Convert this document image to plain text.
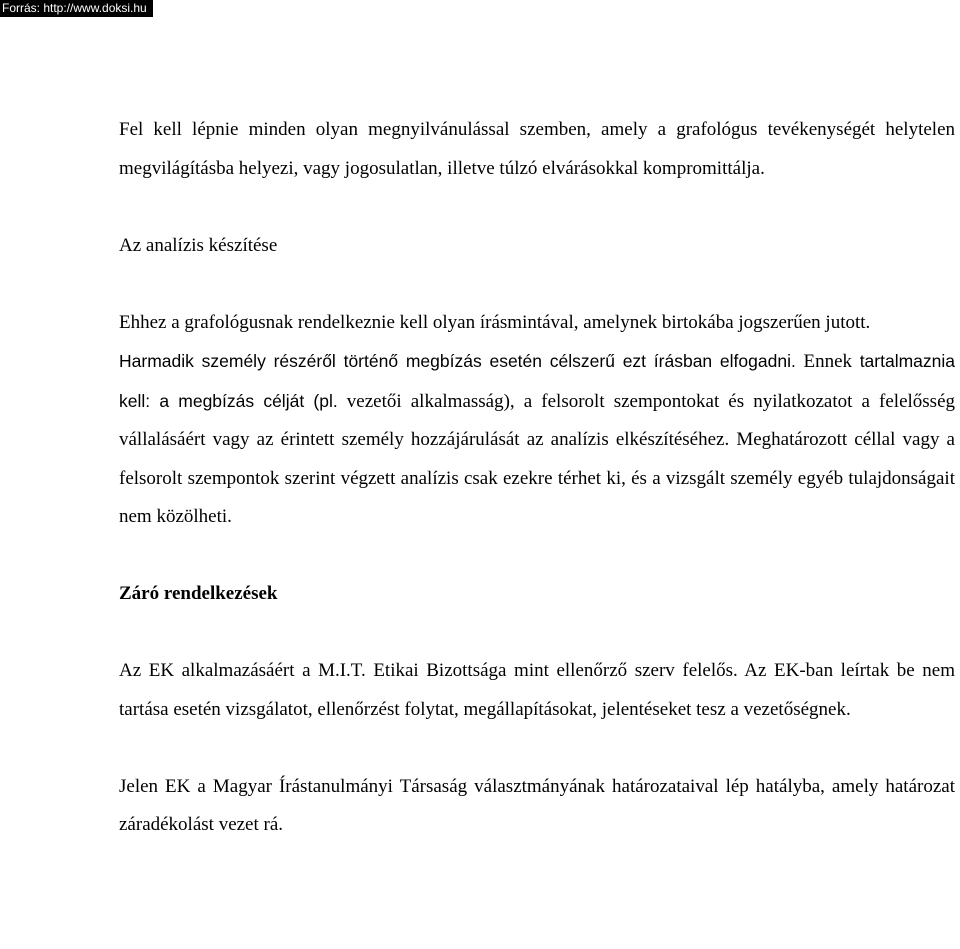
Forrás: http://www.doksi.hu

Fel kell lépnie minden olyan megnyilvánulással szemben, amely a grafológus tevékenységét helytelen megvilágításba helyezi, vagy jogosulatlan, illetve túlzó elvárásokkal kompromittálja.

Az analízis készítése

Ehhez a grafológusnak rendelkeznie kell olyan írásmintával, amelynek birtokába jogszerűen jutott.

Harmadik személy részéről történő megbízás esetén célszerű ezt írásban elfogadni. Ennek tartalmaznia kell: a megbízás célját (pl. vezetői alkalmasság), a felsorolt szempontokat és nyilatkozatot a felelősség vállalásáért vagy az érintett személy hozzájárulását az analízis elkészítéséhez. Meghatározott céllal vagy a felsorolt szempontok szerint végzett analízis csak ezekre térhet ki, és a vizsgált személy egyéb tulajdonságait nem közölheti.

Záró rendelkezések

Az EK alkalmazásáért a M.I.T. Etikai Bizottsága mint ellenőrző szerv felelős. Az EK-ban leírtak be nem tartása esetén vizsgálatot, ellenőrzést folytat, megállapításokat, jelentéseket tesz a vezetőségnek.

Jelen EK a Magyar Írástanulmányi Társaság választmányának határozataival lép hatályba, amely határozat záradékolást vezet rá.
